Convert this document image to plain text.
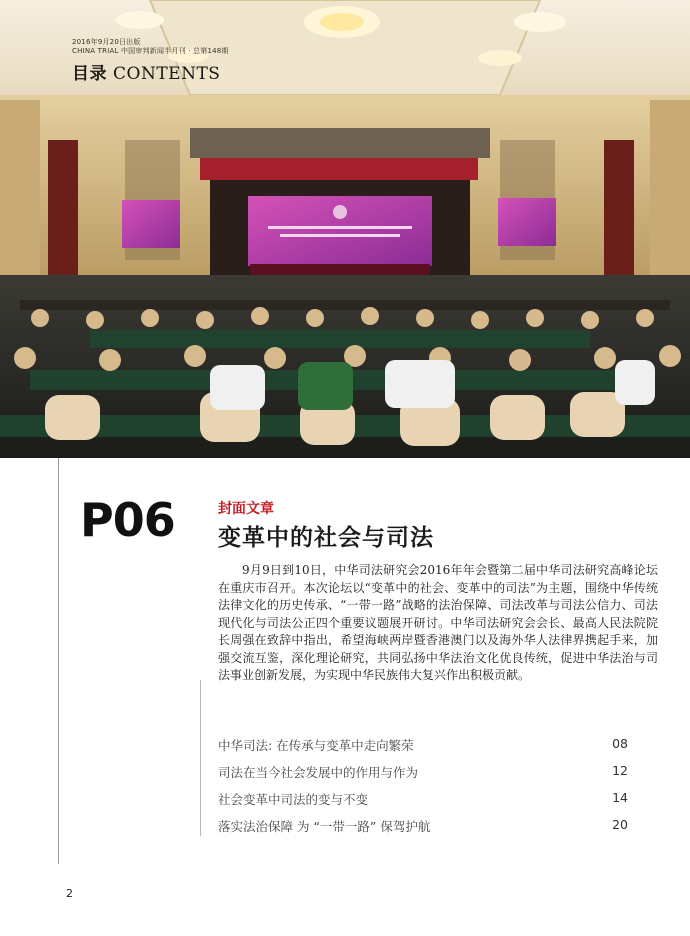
2016年9月20日出版
CHINA TRIAL 中国审判新闻半月刊 · 总第148期
目录 CONTENTS
P06	封面文章
变革中的社会与司法

9月9日到10日，中华司法研究会2016年年会暨第二届中华司法研究高峰论坛在重庆市召开。本次论坛以“变革中的社会、变革中的司法”为主题，围绕中华传统法律文化的历史传承、“一带一路”战略的法治保障、司法改革与司法公信力、司法现代化与司法公正四个重要议题展开研讨。中华司法研究会会长、最高人民法院院长周强在致辞中指出，希望海峡两岸暨香港澳门以及海外华人法律界携起手来，加强交流互鉴，深化理论研究，共同弘扬中华法治文化优良传统，促进中华法治与司法事业创新发展，为实现中华民族伟大复兴作出积极贡献。

中华司法: 在传承与变革中走向繁荣	08
司法在当今社会发展中的作用与作为	12
社会变革中司法的变与不变	14
落实法治保障 为 “一带一路” 保驾护航	20
2
